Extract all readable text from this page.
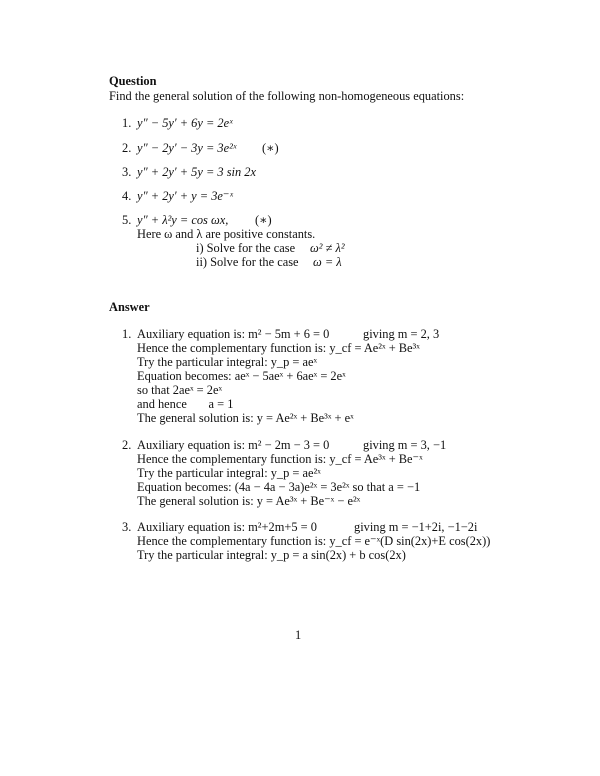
Question
Find the general solution of the following non-homogeneous equations:
1. y″ − 5y′ + 6y = 2eˣ
2. y″ − 2y′ − 3y = 3e²ˣ (∗)
3. y″ + 2y′ + 5y = 3 sin 2x
4. y″ + 2y′ + y = 3e⁻ˣ
5. y″ + λ²y = cos ωx, (∗)
Here ω and λ are positive constants.
i) Solve for the case ω² ≠ λ²
ii) Solve for the case ω = λ
Answer
1. Auxiliary equation is: m² − 5m + 6 = 0	giving m = 2, 3
Hence the complementary function is: y_cf = Ae²ˣ + Be³ˣ
Try the particular integral: y_p = aeˣ
Equation becomes: aeˣ − 5aeˣ + 6aeˣ = 2eˣ
so that 2aeˣ = 2eˣ
and hence       a = 1
The general solution is: y = Ae²ˣ + Be³ˣ + eˣ
2. Auxiliary equation is: m² − 2m − 3 = 0	giving m = 3, −1
Hence the complementary function is: y_cf = Ae³ˣ + Be⁻ˣ
Try the particular integral: y_p = ae²ˣ
Equation becomes: (4a − 4a − 3a)e²ˣ = 3e²ˣ so that a = −1
The general solution is: y = Ae³ˣ + Be⁻ˣ − e²ˣ
3. Auxiliary equation is: m²+2m+5 = 0	giving m = −1+2i, −1−2i
Hence the complementary function is: y_cf = e⁻ˣ(D sin(2x)+E cos(2x))
Try the particular integral: y_p = a sin(2x) + b cos(2x)
1
